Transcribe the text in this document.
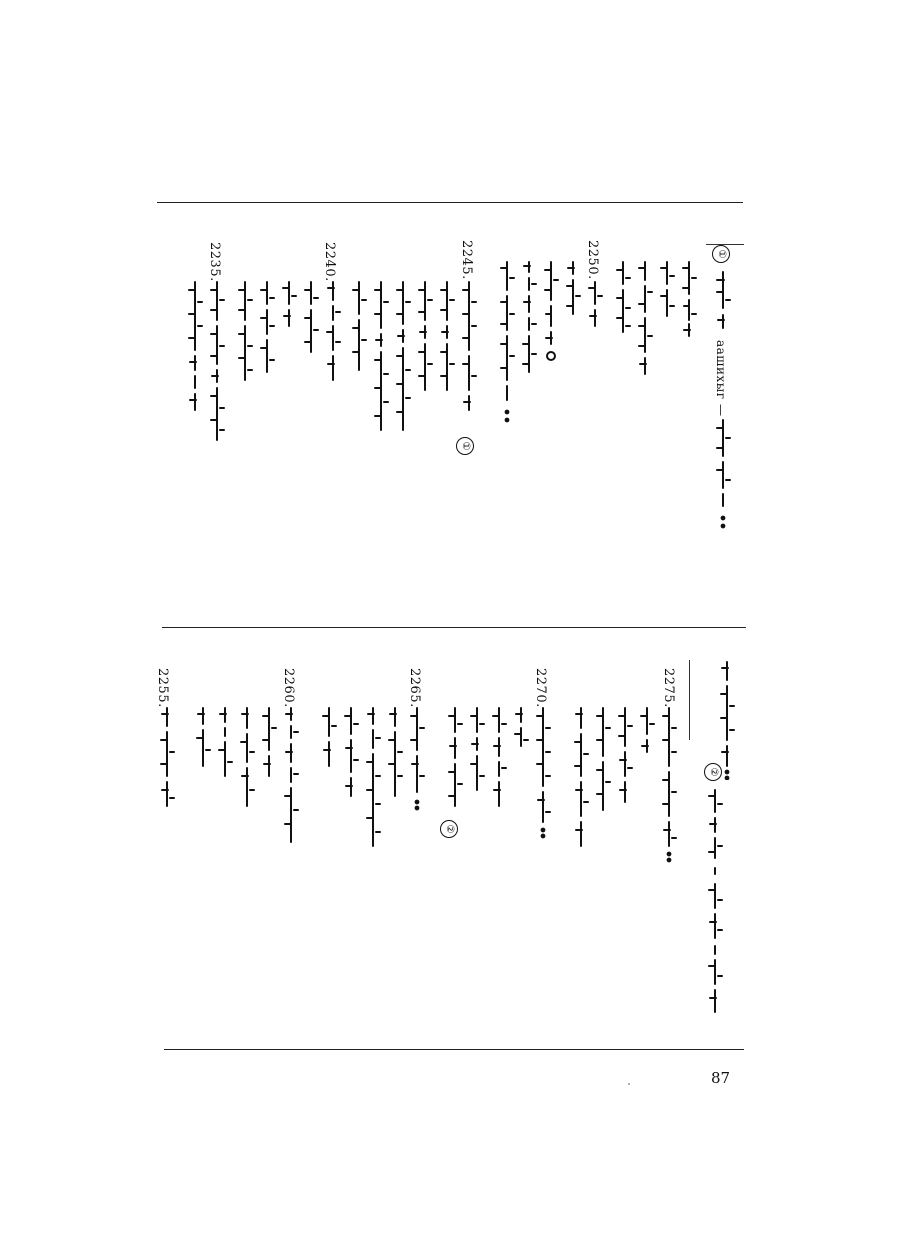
①
aaшихыг
—
2250.
2245.
①
2240.
2235.
②
2275.
2270.
②
2265.
2260.
2255.
87
